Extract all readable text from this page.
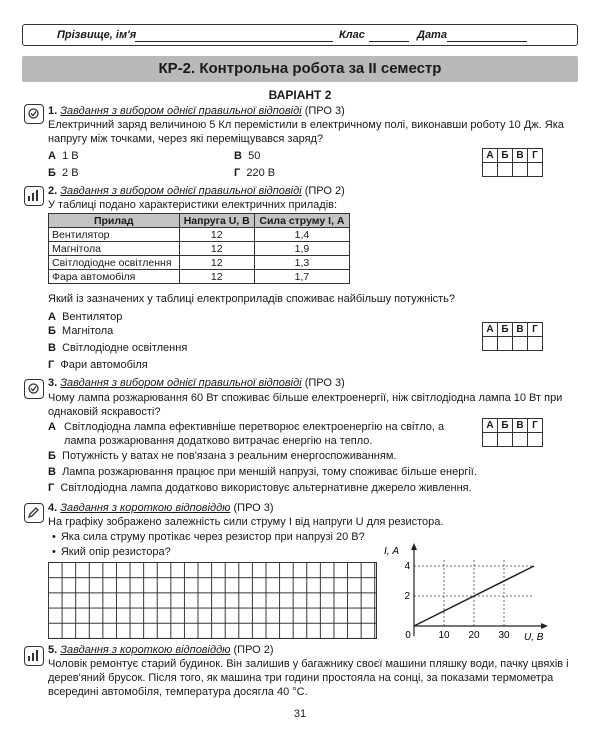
Прізвище, ім'я	Клас	Дата
КР-2. Контрольна робота за ІІ семестр
ВАРІАНТ 2
1. Завдання з вибором однієї правильної відповіді (ПРО 3)
Електричний заряд величиною 5 Кл перемістили в електричному полі, виконавши роботу 10 Дж. Яка напругу між точками, через які переміщувався заряд?
А 1 В
Б 2 В
В 50
Г 220 В
А	Б	В	Г

2. Завдання з вибором однієї правильної відповіді (ПРО 2)
У таблиці подано характеристики електричних приладів:
Прилад	Напруга U, В	Сила струму І, А
Вентилятор	12	1,4
Магнітола	12	1,9
Світлодіодне освітлення	12	1,3
Фара автомобіля	12	1,7
Який із зазначених у таблиці електроприладів споживає найбільшу потужність?
А Вентилятор
Б Магнітола
В Світлодіодне освітлення
Г Фари автомобіля
А	Б	В	Г

3. Завдання з вибором однієї правильної відповіді (ПРО 3)
Чому лампа розжарювання 60 Вт споживає більше електроенергії, ніж світлодіодна лампа 10 Вт при однаковій яскравості?
А Світлодіодна лампа ефективніше перетворює електроенергію на світло, а лампа розжарювання додатково витрачає енергію на тепло.
Б Потужність у ватах не пов'язана з реальним енергоспоживанням.
В Лампа розжарювання працює при меншій напрузі, тому споживає більше енергії.
Г Світлодіодна лампа додатково використовує альтернативне джерело живлення.
А	Б	В	Г

4. Завдання з короткою відповіддю (ПРО 3)
На графіку зображено залежність сили струму І від напруги U для резистора.
• Яка сила струму протікає через резистор при напрузі 20 В?
• Який опір резистора?	I, А
U, В
2
4
0	10 20 30
5. Завдання з короткою відповіддю (ПРО 2)
Чоловік ремонтує старий будинок. Він залишив у багажнику своєї машини пляшку води, пачку цвяхів і дерев'яний брусок. Після того, як машина три години простояла на сонці, за показами термометра всередині автомобіля, температура досягла 40 °С.
31
